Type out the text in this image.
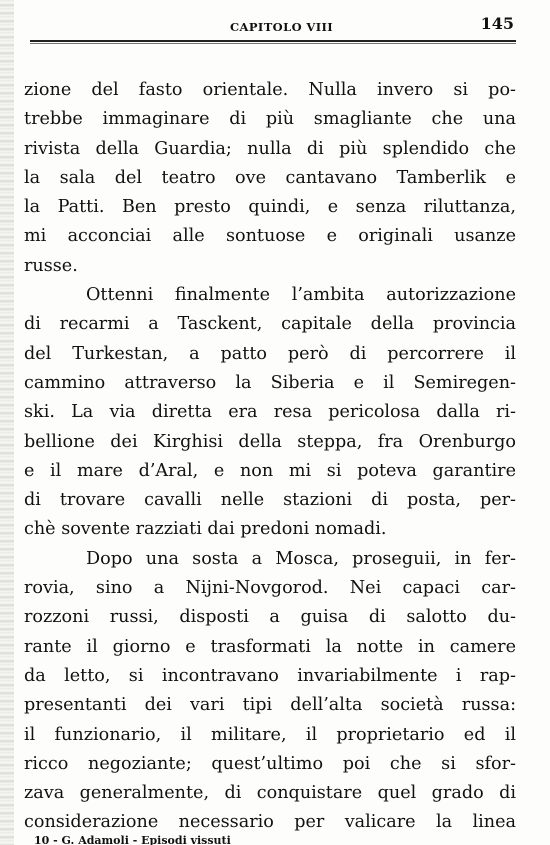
CAPITOLO VIII	145
zione del fasto orientale. Nulla invero si po-
trebbe immaginare di più smagliante che una
rivista della Guardia; nulla di più splendido che
la sala del teatro ove cantavano Tamberlik e
la Patti. Ben presto quindi, e senza riluttanza,
mi acconciai alle sontuose e originali usanze
russe.
Ottenni finalmente l’ambita autorizzazione
di recarmi a Tasckent, capitale della provincia
del Turkestan, a patto però di percorrere il
cammino attraverso la Siberia e il Semiregen-
ski. La via diretta era resa pericolosa dalla ri-
bellione dei Kirghisi della steppa, fra Orenburgo
e il mare d’Aral, e non mi si poteva garantire
di trovare cavalli nelle stazioni di posta, per-
chè sovente razziati dai predoni nomadi.
Dopo una sosta a Mosca, proseguii, in fer-
rovia, sino a Nijni-Novgorod. Nei capaci car-
rozzoni russi, disposti a guisa di salotto du-
rante il giorno e trasformati la notte in camere
da letto, si incontravano invariabilmente i rap-
presentanti dei vari tipi dell’alta società russa:
il funzionario, il militare, il proprietario ed il
ricco negoziante; quest’ultimo poi che si sfor-
zava generalmente, di conquistare quel grado di
considerazione necessario per valicare la linea
10 - G. Adamoli - Episodi vissuti
